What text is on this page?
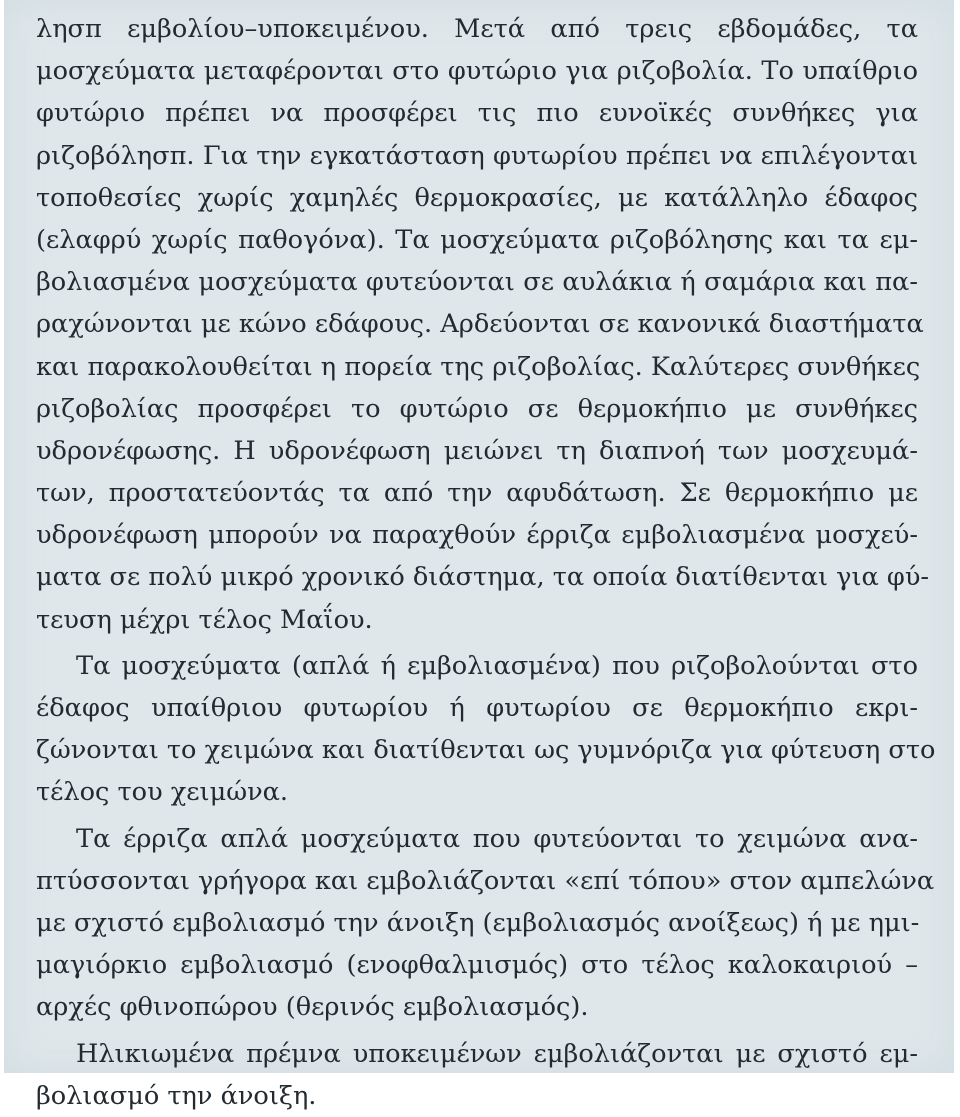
λησπ εμβολίου–υποκειμένου. Μετά από τρεις εβδομάδες, τα
μοσχεύματα μεταφέρονται στο φυτώριο για ριζοβολία. Το υπαίθριο
φυτώριο πρέπει να προσφέρει τις πιο ευνοϊκές συνθήκες για
ριζοβόλησπ. Για την εγκατάσταση φυτωρίου πρέπει να επιλέγονται
τοποθεσίες χωρίς χαμηλές θερμοκρασίες, με κατάλληλο έδαφος
(ελαφρύ χωρίς παθογόνα). Τα μοσχεύματα ριζοβόλησης και τα εμ-
βολιασμένα μοσχεύματα φυτεύονται σε αυλάκια ή σαμάρια και πα-
ραχώνονται με κώνο εδάφους. Αρδεύονται σε κανονικά διαστήματα
και παρακολουθείται η πορεία της ριζοβολίας. Καλύτερες συνθήκες
ριζοβολίας προσφέρει το φυτώριο σε θερμοκήπιο με συνθήκες
υδρονέφωσης. Η υδρονέφωση μειώνει τη διαπνοή των μοσχευμά-
των, προστατεύοντάς τα από την αφυδάτωση. Σε θερμοκήπιο με
υδρονέφωση μπορούν να παραχθούν έρριζα εμβολιασμένα μοσχεύ-
ματα σε πολύ μικρό χρονικό διάστημα, τα οποία διατίθενται για φύ-
τευση μέχρι τέλος Μαΐου.
Τα μοσχεύματα (απλά ή εμβολιασμένα) που ριζοβολούνται στο
έδαφος υπαίθριου φυτωρίου ή φυτωρίου σε θερμοκήπιο εκρι-
ζώνονται το χειμώνα και διατίθενται ως γυμνόριζα για φύτευση στο
τέλος του χειμώνα.
Τα έρριζα απλά μοσχεύματα που φυτεύονται το χειμώνα ανα-
πτύσσονται γρήγορα και εμβολιάζονται «επί τόπου» στον αμπελώνα
με σχιστό εμβολιασμό την άνοιξη (εμβολιασμός ανοίξεως) ή με ημι-
μαγιόρκιο εμβολιασμό (ενοφθαλμισμός) στο τέλος καλοκαιριού –
αρχές φθινοπώρου (θερινός εμβολιασμός).
Ηλικιωμένα πρέμνα υποκειμένων εμβολιάζονται με σχιστό εμ-
βολιασμό την άνοιξη.
